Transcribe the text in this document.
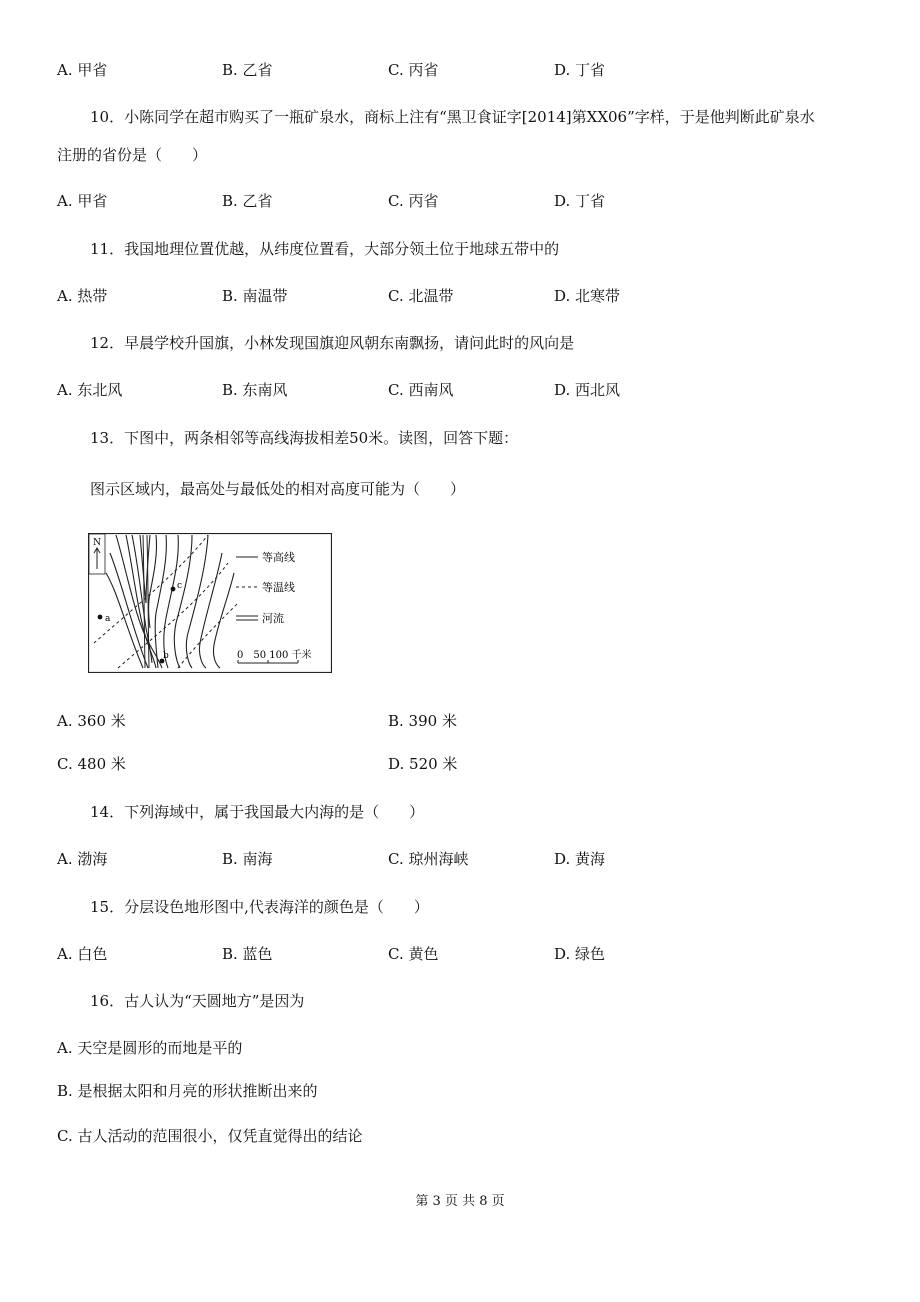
A. 甲省	B. 乙省	C. 丙省	D. 丁省
10．小陈同学在超市购买了一瓶矿泉水，商标上注有“黑卫食证字[2014]第XX06”字样，于是他判断此矿泉水
注册的省份是（　　）
A. 甲省	B. 乙省	C. 丙省	D. 丁省
11．我国地理位置优越，从纬度位置看，大部分领土位于地球五带中的
A. 热带	B. 南温带	C. 北温带	D. 北寒带
12．早晨学校升国旗，小林发现国旗迎风朝东南飘扬，请问此时的风向是
A. 东北风	B. 东南风	C. 西南风	D. 西北风
13．下图中，两条相邻等高线海拔相差50米。读图，回答下题：
图示区域内，最高处与最低处的相对高度可能为（　　）
N
a
b
c
等高线
等温线
河流
0　50 100 千米
A. 360 米	B. 390 米
C. 480 米	D. 520 米
14．下列海域中，属于我国最大内海的是（　　）
A. 渤海	B. 南海	C. 琼州海峡	D. 黄海
15．分层设色地形图中,代表海洋的颜色是（　　）
A. 白色	B. 蓝色	C. 黄色	D. 绿色
16．古人认为“天圆地方”是因为
A. 天空是圆形的而地是平的
B. 是根据太阳和月亮的形状推断出来的
C. 古人活动的范围很小，仅凭直觉得出的结论
第 3 页 共 8 页
